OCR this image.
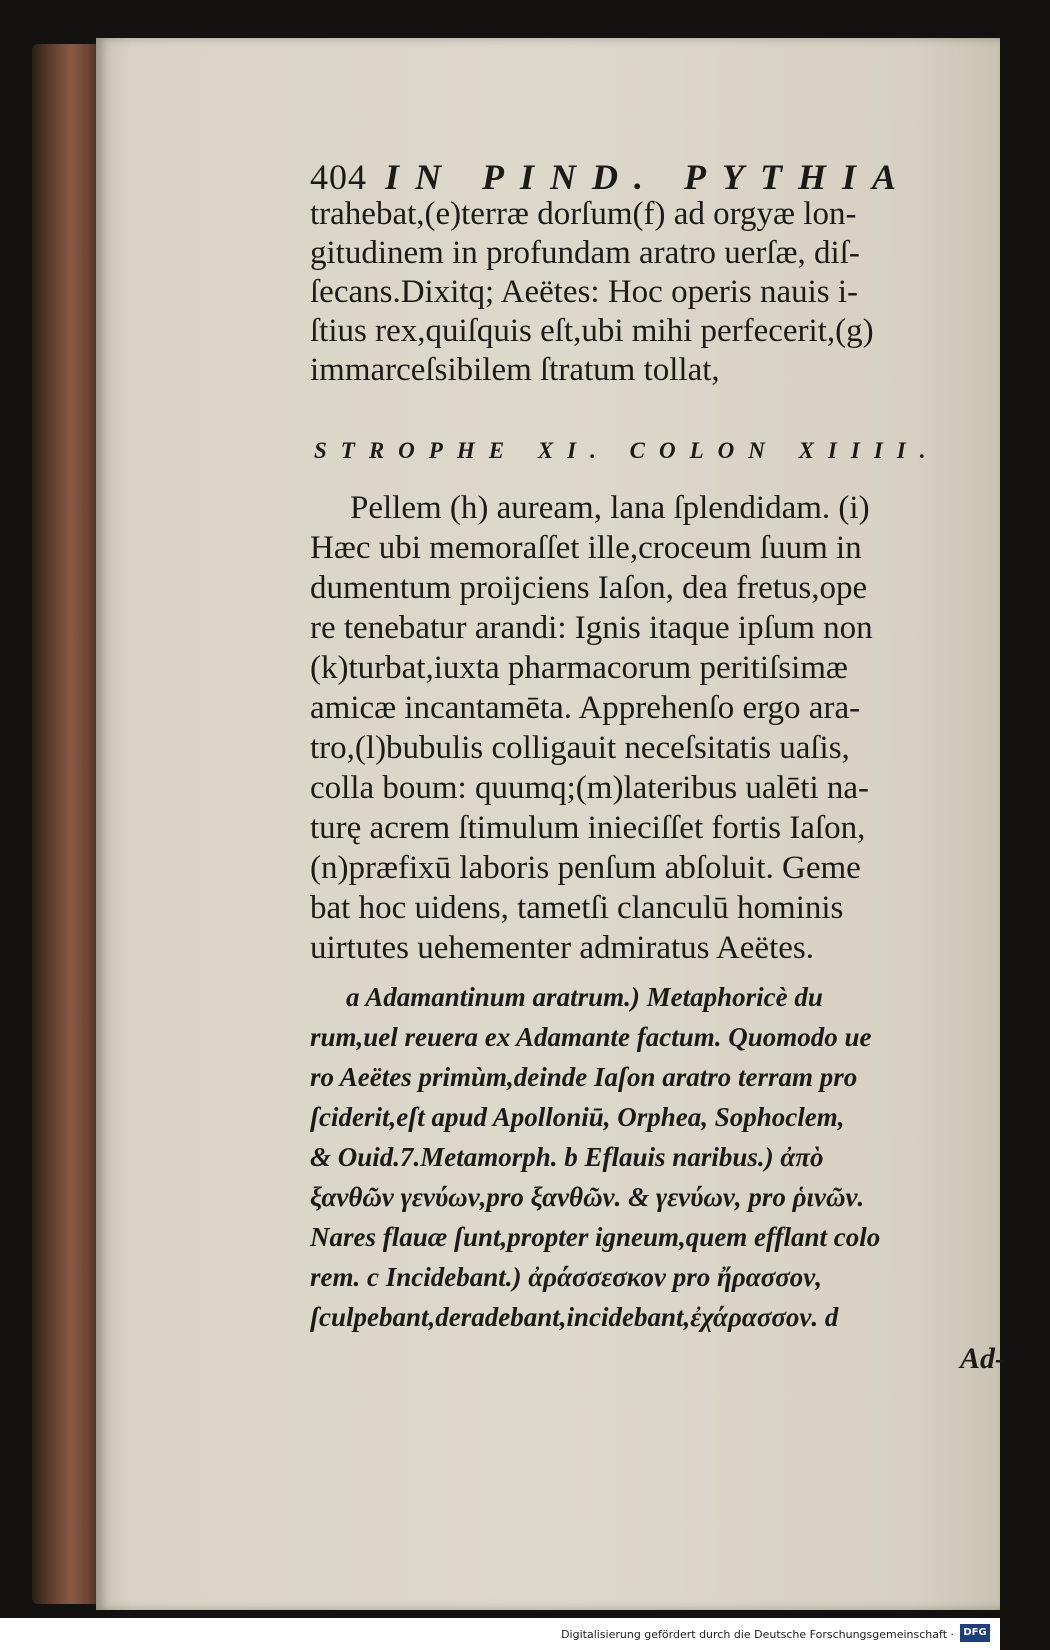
404 IN PIND. PYTHIA
trahebat,(e)terræ dorſum(f) ad orgyæ lon-
gitudinem in profundam aratro uerſæ, diſ-
ſecans.Dixitq; Aeëtes: Hoc operis nauis i-
ſtius rex,quiſquis eſt,ubi mihi perfecerit,(g)
immarceſsibilem ſtratum tollat,
STROPHE XI. COLON XIIII.
Pellem (h) auream, lana ſplendidam. (i)
Hæc ubi memoraſſet ille,croceum ſuum in
dumentum proijciens Iaſon, dea fretus,ope
re tenebatur arandi: Ignis itaque ipſum non
(k)turbat,iuxta pharmacorum peritiſsimæ
amicæ incantamēta. Apprehenſo ergo ara-
tro,(l)bubulis colligauit neceſsitatis uaſis,
colla boum: quumq;(m)lateribus ualēti na-
turę acrem ſtimulum inieciſſet fortis Iaſon,
(n)præfixū laboris penſum abſoluit. Geme
bat hoc uidens, tametſi clanculū hominis
uirtutes uehementer admiratus Aeëtes.
a Adamantinum aratrum.) Metaphoricè du
rum,uel reuera ex Adamante factum. Quomodo ue
ro Aeëtes primùm,deinde Iaſon aratro terram pro
ſciderit,eſt apud Apolloniū, Orphea, Sophoclem,
& Ouid.7.Metamorph. b Eflauis naribus.) ἀπὸ
ξανθῶν γενύων,pro ξανθῶν. & γενύων, pro ῥινῶν.
Nares flauæ ſunt,propter igneum,quem efflant colo
rem. c Incidebant.) ἀράσσεσκον pro ἤρασσον,
ſculpebant,deradebant,incidebant,ἐχάρασσον. d
Ad-
Digitalisierung gefördert durch die Deutsche Forschungsgemeinschaft · DFG
